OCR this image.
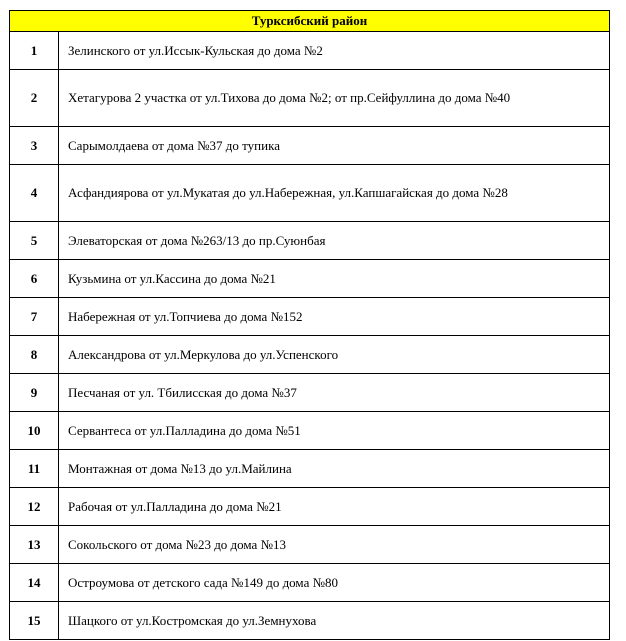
Турксибский район	
1	Зелинского от ул.Иссык-Кульская до дома №2
2	Хетагурова 2 участка от ул.Тихова до дома №2; от пр.Сейфуллина до дома №40
3	Сарымолдаева от дома №37 до тупика
4	Асфандиярова от ул.Мукатая до ул.Набережная, ул.Капшагайская до дома №28
5	Элеваторская от дома №263/13 до пр.Суюнбая
6	Кузьмина от ул.Кассина до дома №21
7	Набережная от ул.Топчиева до дома №152
8	Александрова от ул.Меркулова до ул.Успенского
9	Песчаная от ул. Тбилисская до дома №37
10	Сервантеса от ул.Палладина до дома №51
11	Монтажная от дома №13 до ул.Майлина
12	Рабочая от ул.Палладина до дома №21
13	Сокольского от дома №23 до дома №13
14	Остроумова от детского сада №149 до дома №80
15	Шацкого от ул.Костромская до ул.Земнухова
